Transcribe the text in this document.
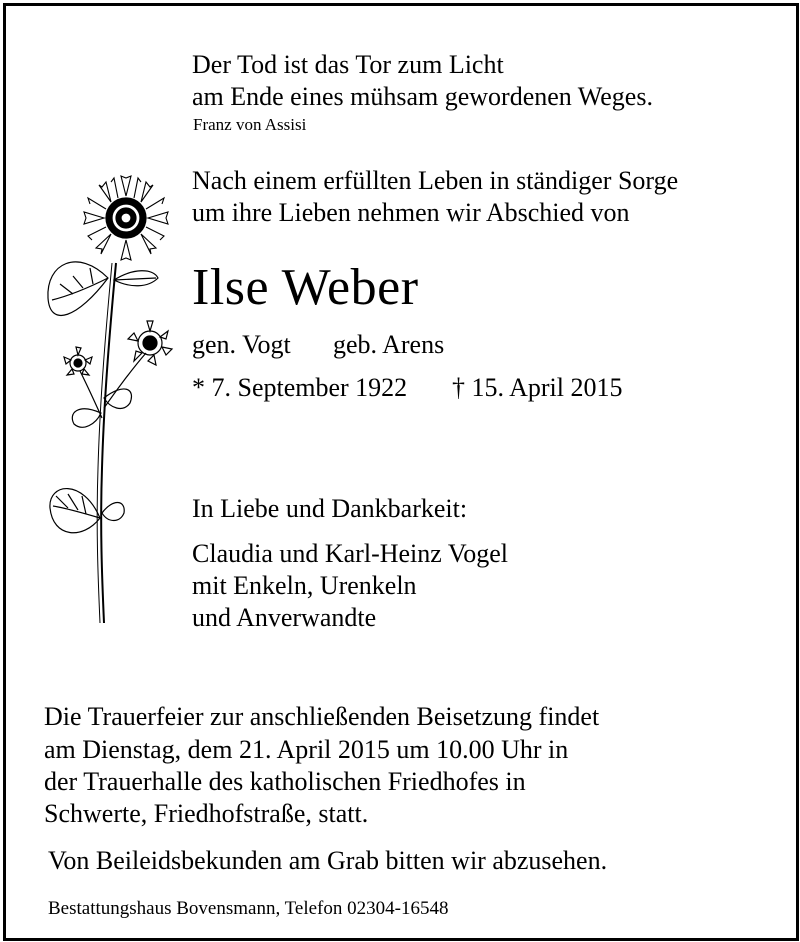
Der Tod ist das Tor zum Licht
am Ende eines mühsam gewordenen Weges.
Franz von Assisi
Nach einem erfüllten Leben in ständiger Sorge
um ihre Lieben nehmen wir Abschied von
Ilse Weber
gen. Vogt geb. Arens
* 7. September 1922 † 15. April 2015
In Liebe und Dankbarkeit:
Claudia und Karl-Heinz Vogel
mit Enkeln, Urenkeln
und Anverwandte
Die Trauerfeier zur anschließenden Beisetzung findet
am Dienstag, dem 21. April 2015 um 10.00 Uhr in
der Trauerhalle des katholischen Friedhofes in
Schwerte, Friedhofstraße, statt.
Von Beileidsbekunden am Grab bitten wir abzusehen.
Bestattungshaus Bovensmann, Telefon 02304-16548
